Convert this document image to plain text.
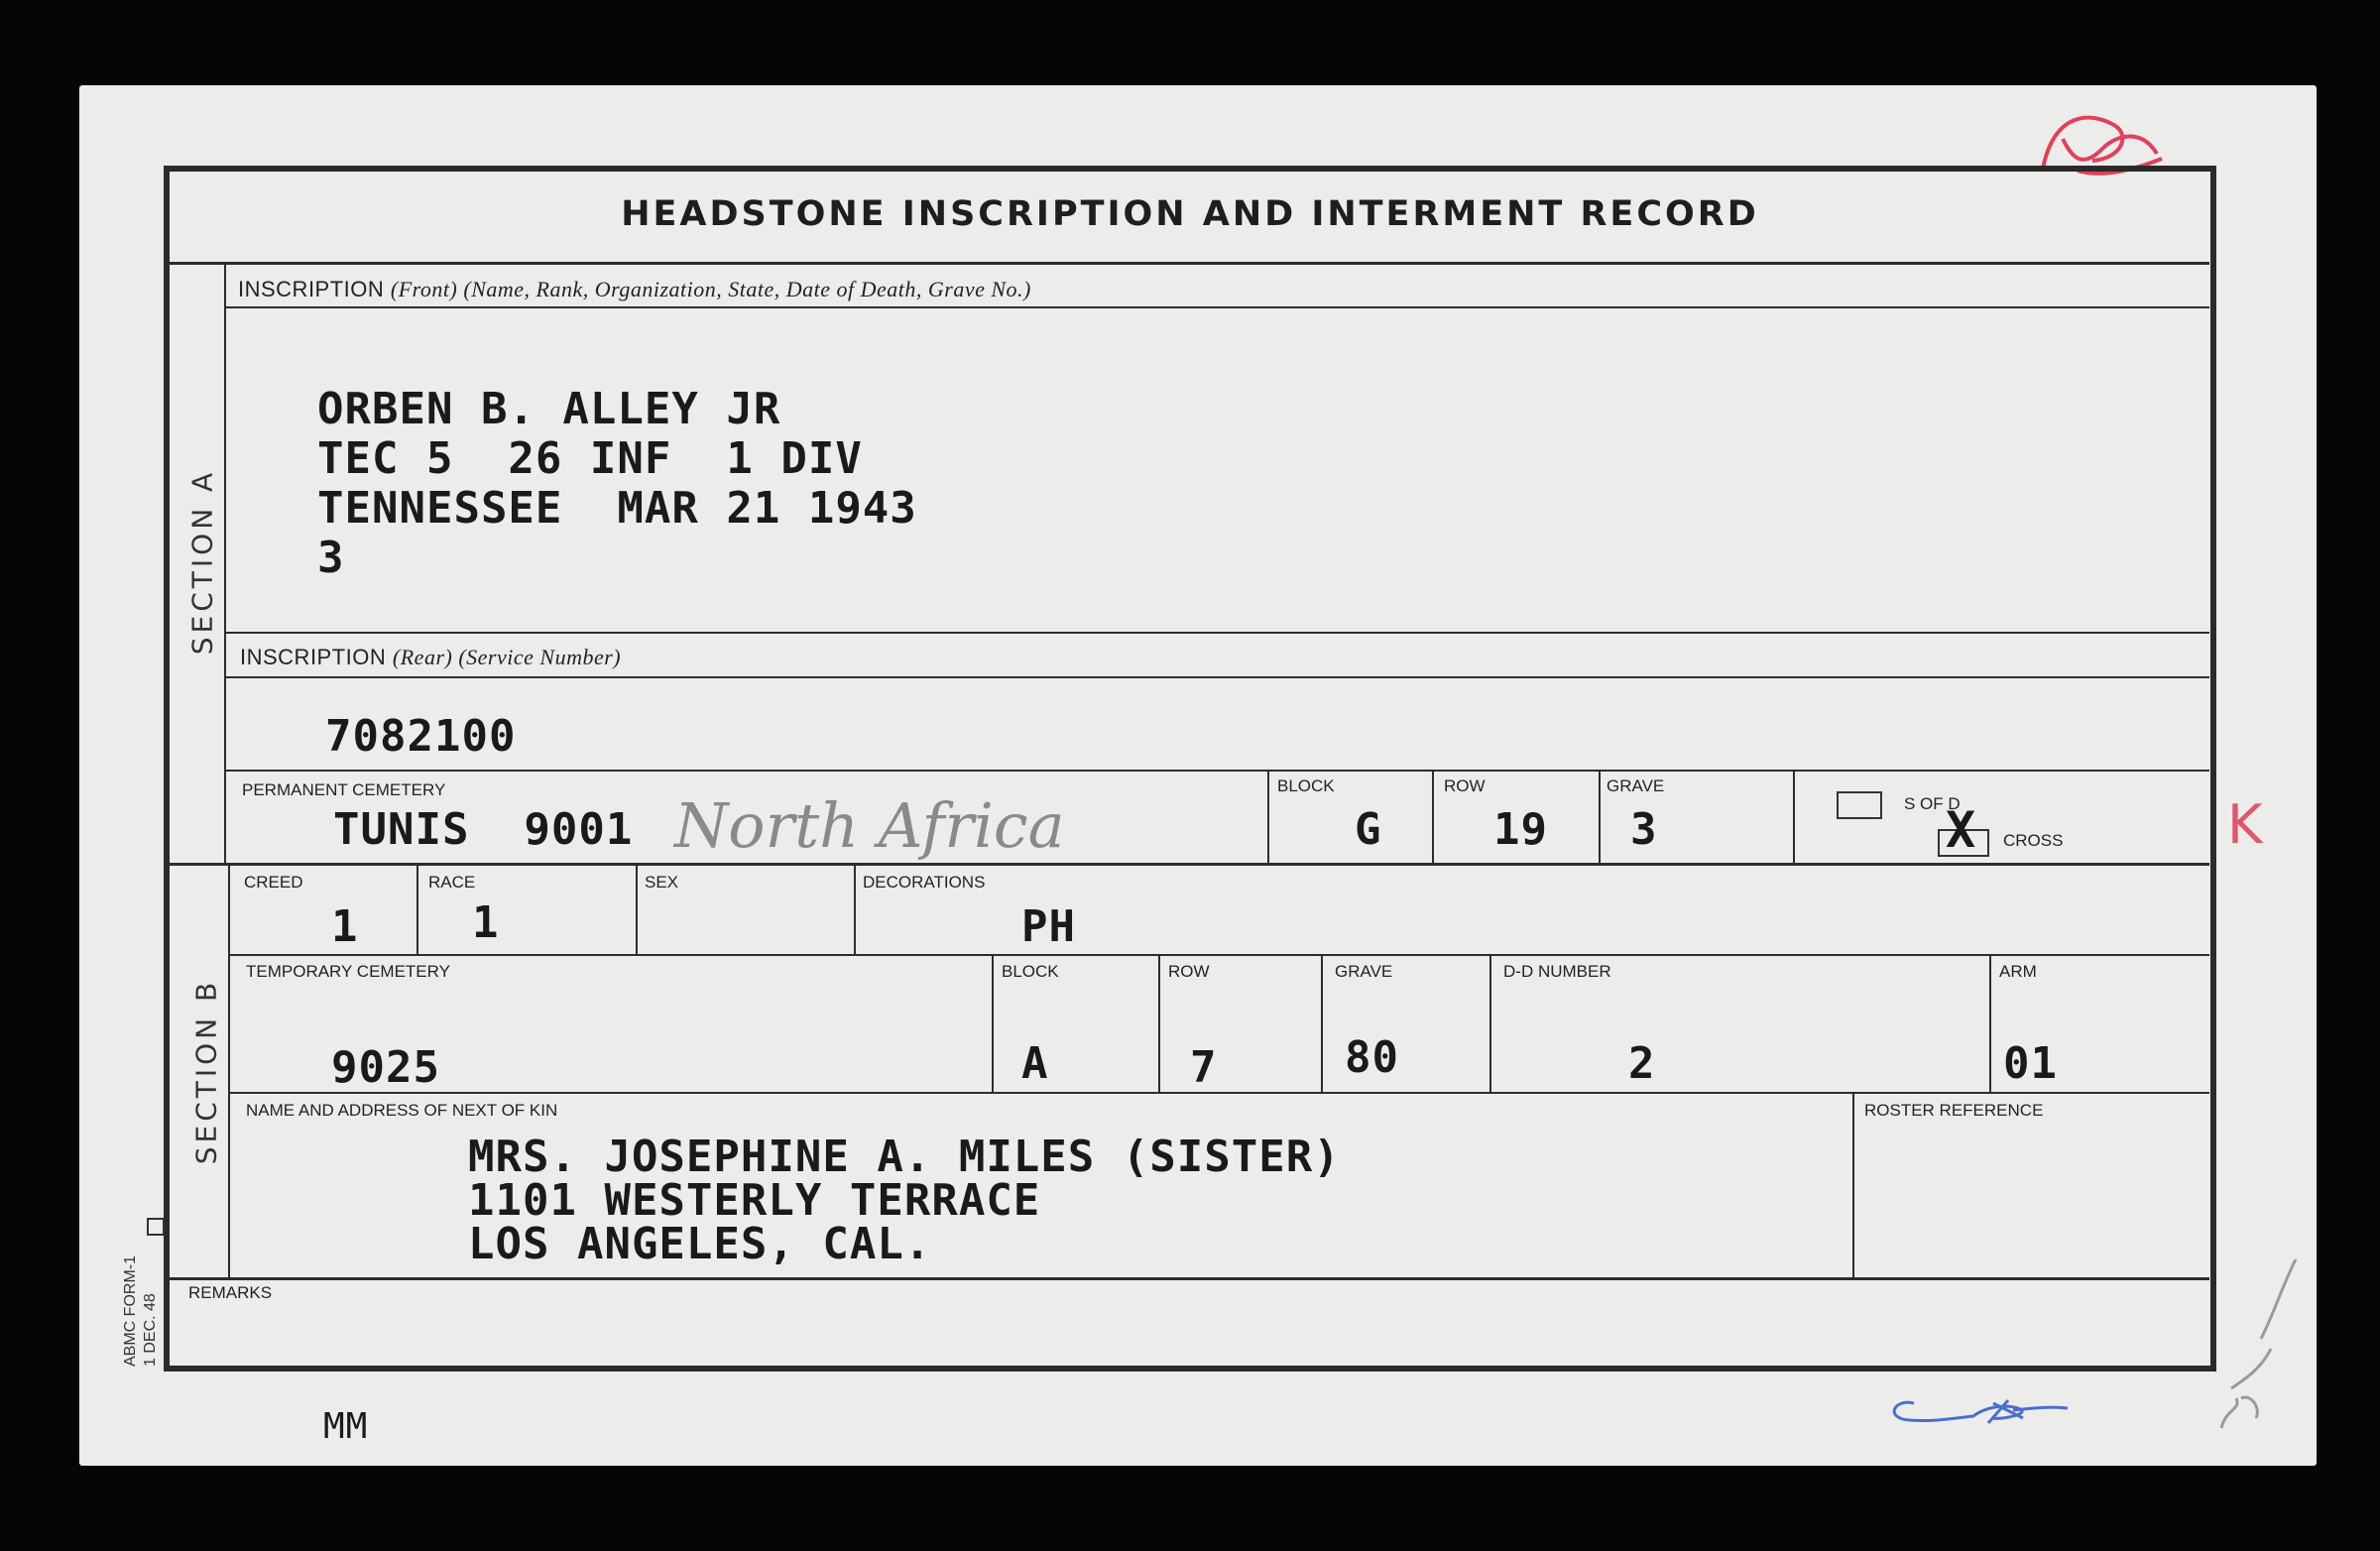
HEADSTONE INSCRIPTION AND INTERMENT RECORD
SECTION A
SECTION B
INSCRIPTION (Front) (Name, Rank, Organization, State, Date of Death, Grave No.)
ORBEN B. ALLEY JR
TEC 5  26 INF  1 DIV
TENNESSEE  MAR 21 1943
3
INSCRIPTION (Rear) (Service Number)
7082100
PERMANENT CEMETERY
TUNIS  9001 North Africa
BLOCK
G
ROW
19
GRAVE
3
S OF D
X CROSS	K
CREED
1
RACE
1
SEX	DECORATIONS
PH
TEMPORARY CEMETERY
9025
BLOCK
A
ROW
7
GRAVE
80
D-D NUMBER
2
ARM
01
NAME AND ADDRESS OF NEXT OF KIN
MRS. JOSEPHINE A. MILES (SISTER)
1101 WESTERLY TERRACE
LOS ANGELES, CAL.
ROSTER REFERENCE
REMARKS
ABMC FORM-1 1 DEC. 48
MM
